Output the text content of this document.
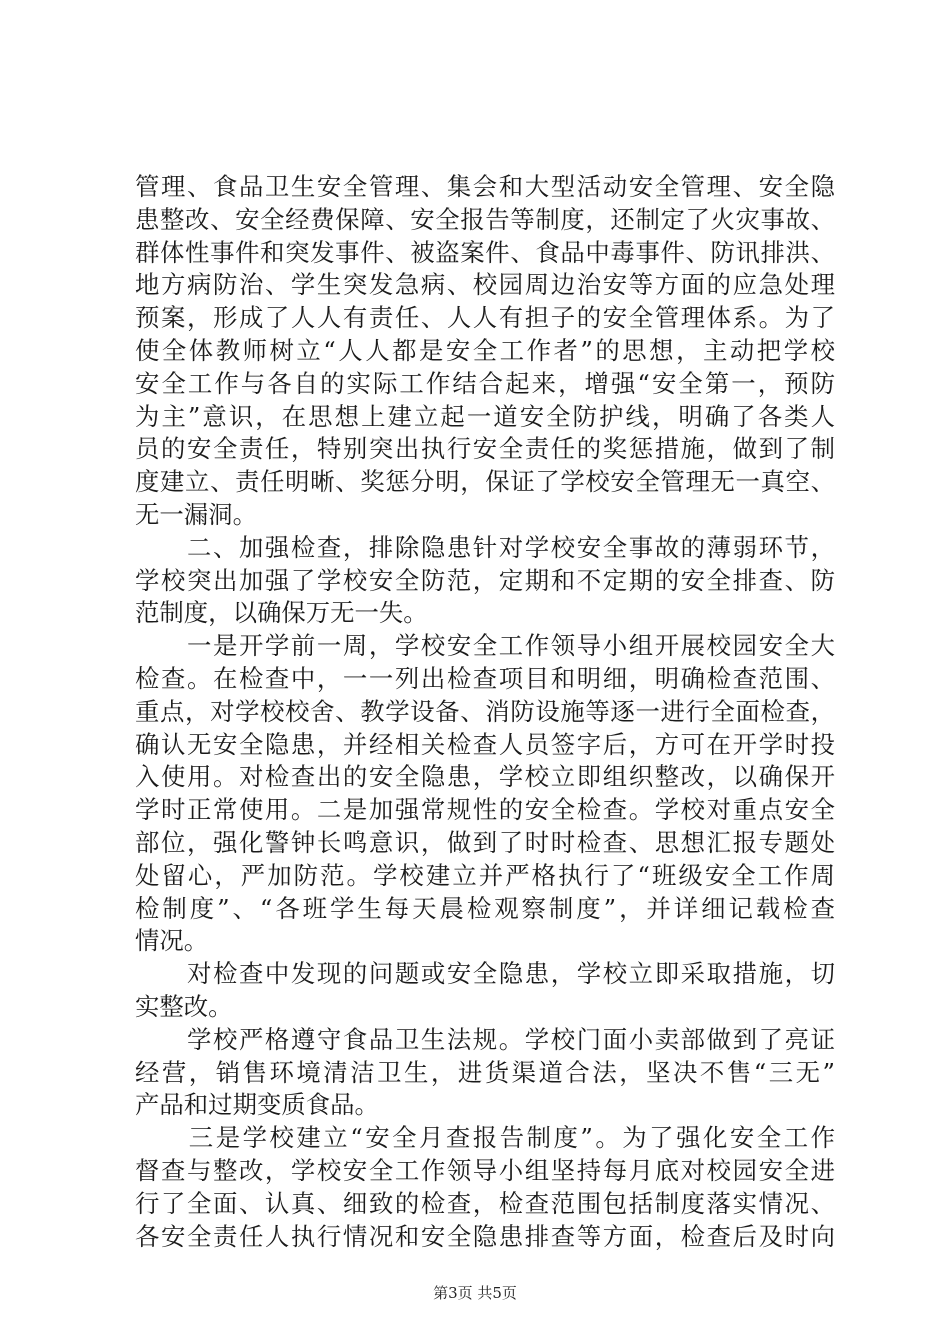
管理、食品卫生安全管理、集会和大型活动安全管理、安全隐
患整改、安全经费保障、安全报告等制度，还制定了火灾事故、
群体性事件和突发事件、被盗案件、食品中毒事件、防讯排洪、
地方病防治、学生突发急病、校园周边治安等方面的应急处理
预案，形成了人人有责任、人人有担子的安全管理体系。为了
使全体教师树立“人人都是安全工作者”的思想，主动把学校
安全工作与各自的实际工作结合起来，增强“安全第一，预防
为主”意识，在思想上建立起一道安全防护线，明确了各类人
员的安全责任，特别突出执行安全责任的奖惩措施，做到了制
度建立、责任明晰、奖惩分明，保证了学校安全管理无一真空、
无一漏洞。
　　二、加强检查，排除隐患针对学校安全事故的薄弱环节，
学校突出加强了学校安全防范，定期和不定期的安全排查、防
范制度，以确保万无一失。
　　一是开学前一周，学校安全工作领导小组开展校园安全大
检查。在检查中，一一列出检查项目和明细，明确检查范围、
重点，对学校校舍、教学设备、消防设施等逐一进行全面检查，
确认无安全隐患，并经相关检查人员签字后，方可在开学时投
入使用。对检查出的安全隐患，学校立即组织整改，以确保开
学时正常使用。二是加强常规性的安全检查。学校对重点安全
部位，强化警钟长鸣意识，做到了时时检查、思想汇报专题处
处留心，严加防范。学校建立并严格执行了“班级安全工作周
检制度”、“各班学生每天晨检观察制度”，并详细记载检查
情况。
　　对检查中发现的问题或安全隐患，学校立即采取措施，切
实整改。
　　学校严格遵守食品卫生法规。学校门面小卖部做到了亮证
经营，销售环境清洁卫生，进货渠道合法，坚决不售“三无”
产品和过期变质食品。
　　三是学校建立“安全月查报告制度”。为了强化安全工作
督查与整改，学校安全工作领导小组坚持每月底对校园安全进
行了全面、认真、细致的检查，检查范围包括制度落实情况、
各安全责任人执行情况和安全隐患排查等方面，检查后及时向
第3页 共5页
